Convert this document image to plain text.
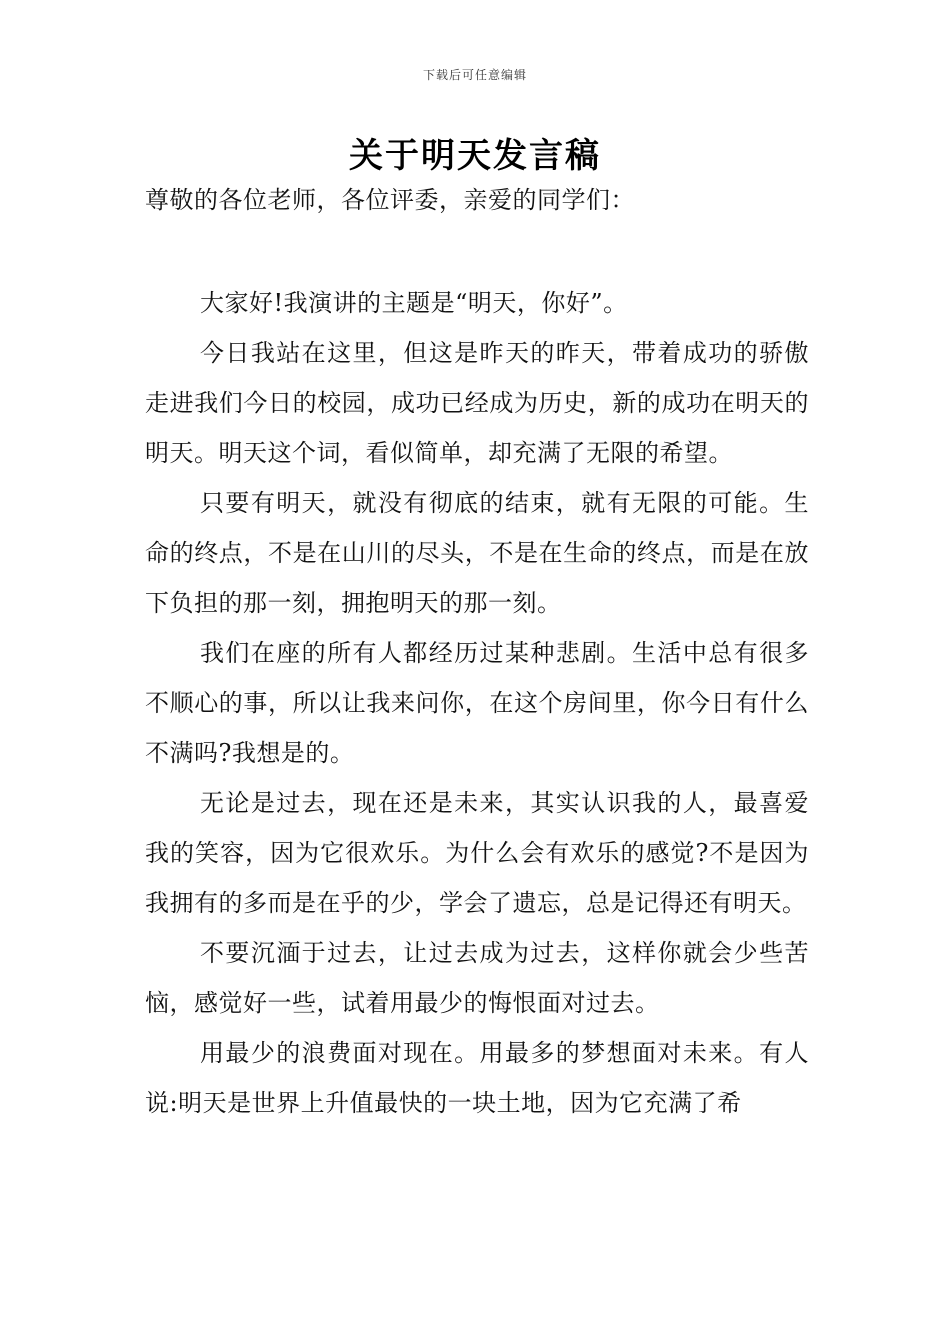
下载后可任意编辑
关于明天发言稿
尊敬的各位老师，各位评委，亲爱的同学们：

大家好!我演讲的主题是“明天，你好”。

今日我站在这里，但这是昨天的昨天，带着成功的骄傲走进我们今日的校园，成功已经成为历史，新的成功在明天的明天。明天这个词，看似简单，却充满了无限的希望。

只要有明天，就没有彻底的结束，就有无限的可能。生命的终点，不是在山川的尽头，不是在生命的终点，而是在放下负担的那一刻，拥抱明天的那一刻。

我们在座的所有人都经历过某种悲剧。生活中总有很多不顺心的事，所以让我来问你，在这个房间里，你今日有什么不满吗?我想是的。

无论是过去，现在还是未来，其实认识我的人，最喜爱我的笑容，因为它很欢乐。为什么会有欢乐的感觉?不是因为我拥有的多而是在乎的少，学会了遗忘，总是记得还有明天。

不要沉湎于过去，让过去成为过去，这样你就会少些苦恼，感觉好一些，试着用最少的悔恨面对过去。

用最少的浪费面对现在。用最多的梦想面对未来。有人说:明天是世界上升值最快的一块土地，因为它充满了希
